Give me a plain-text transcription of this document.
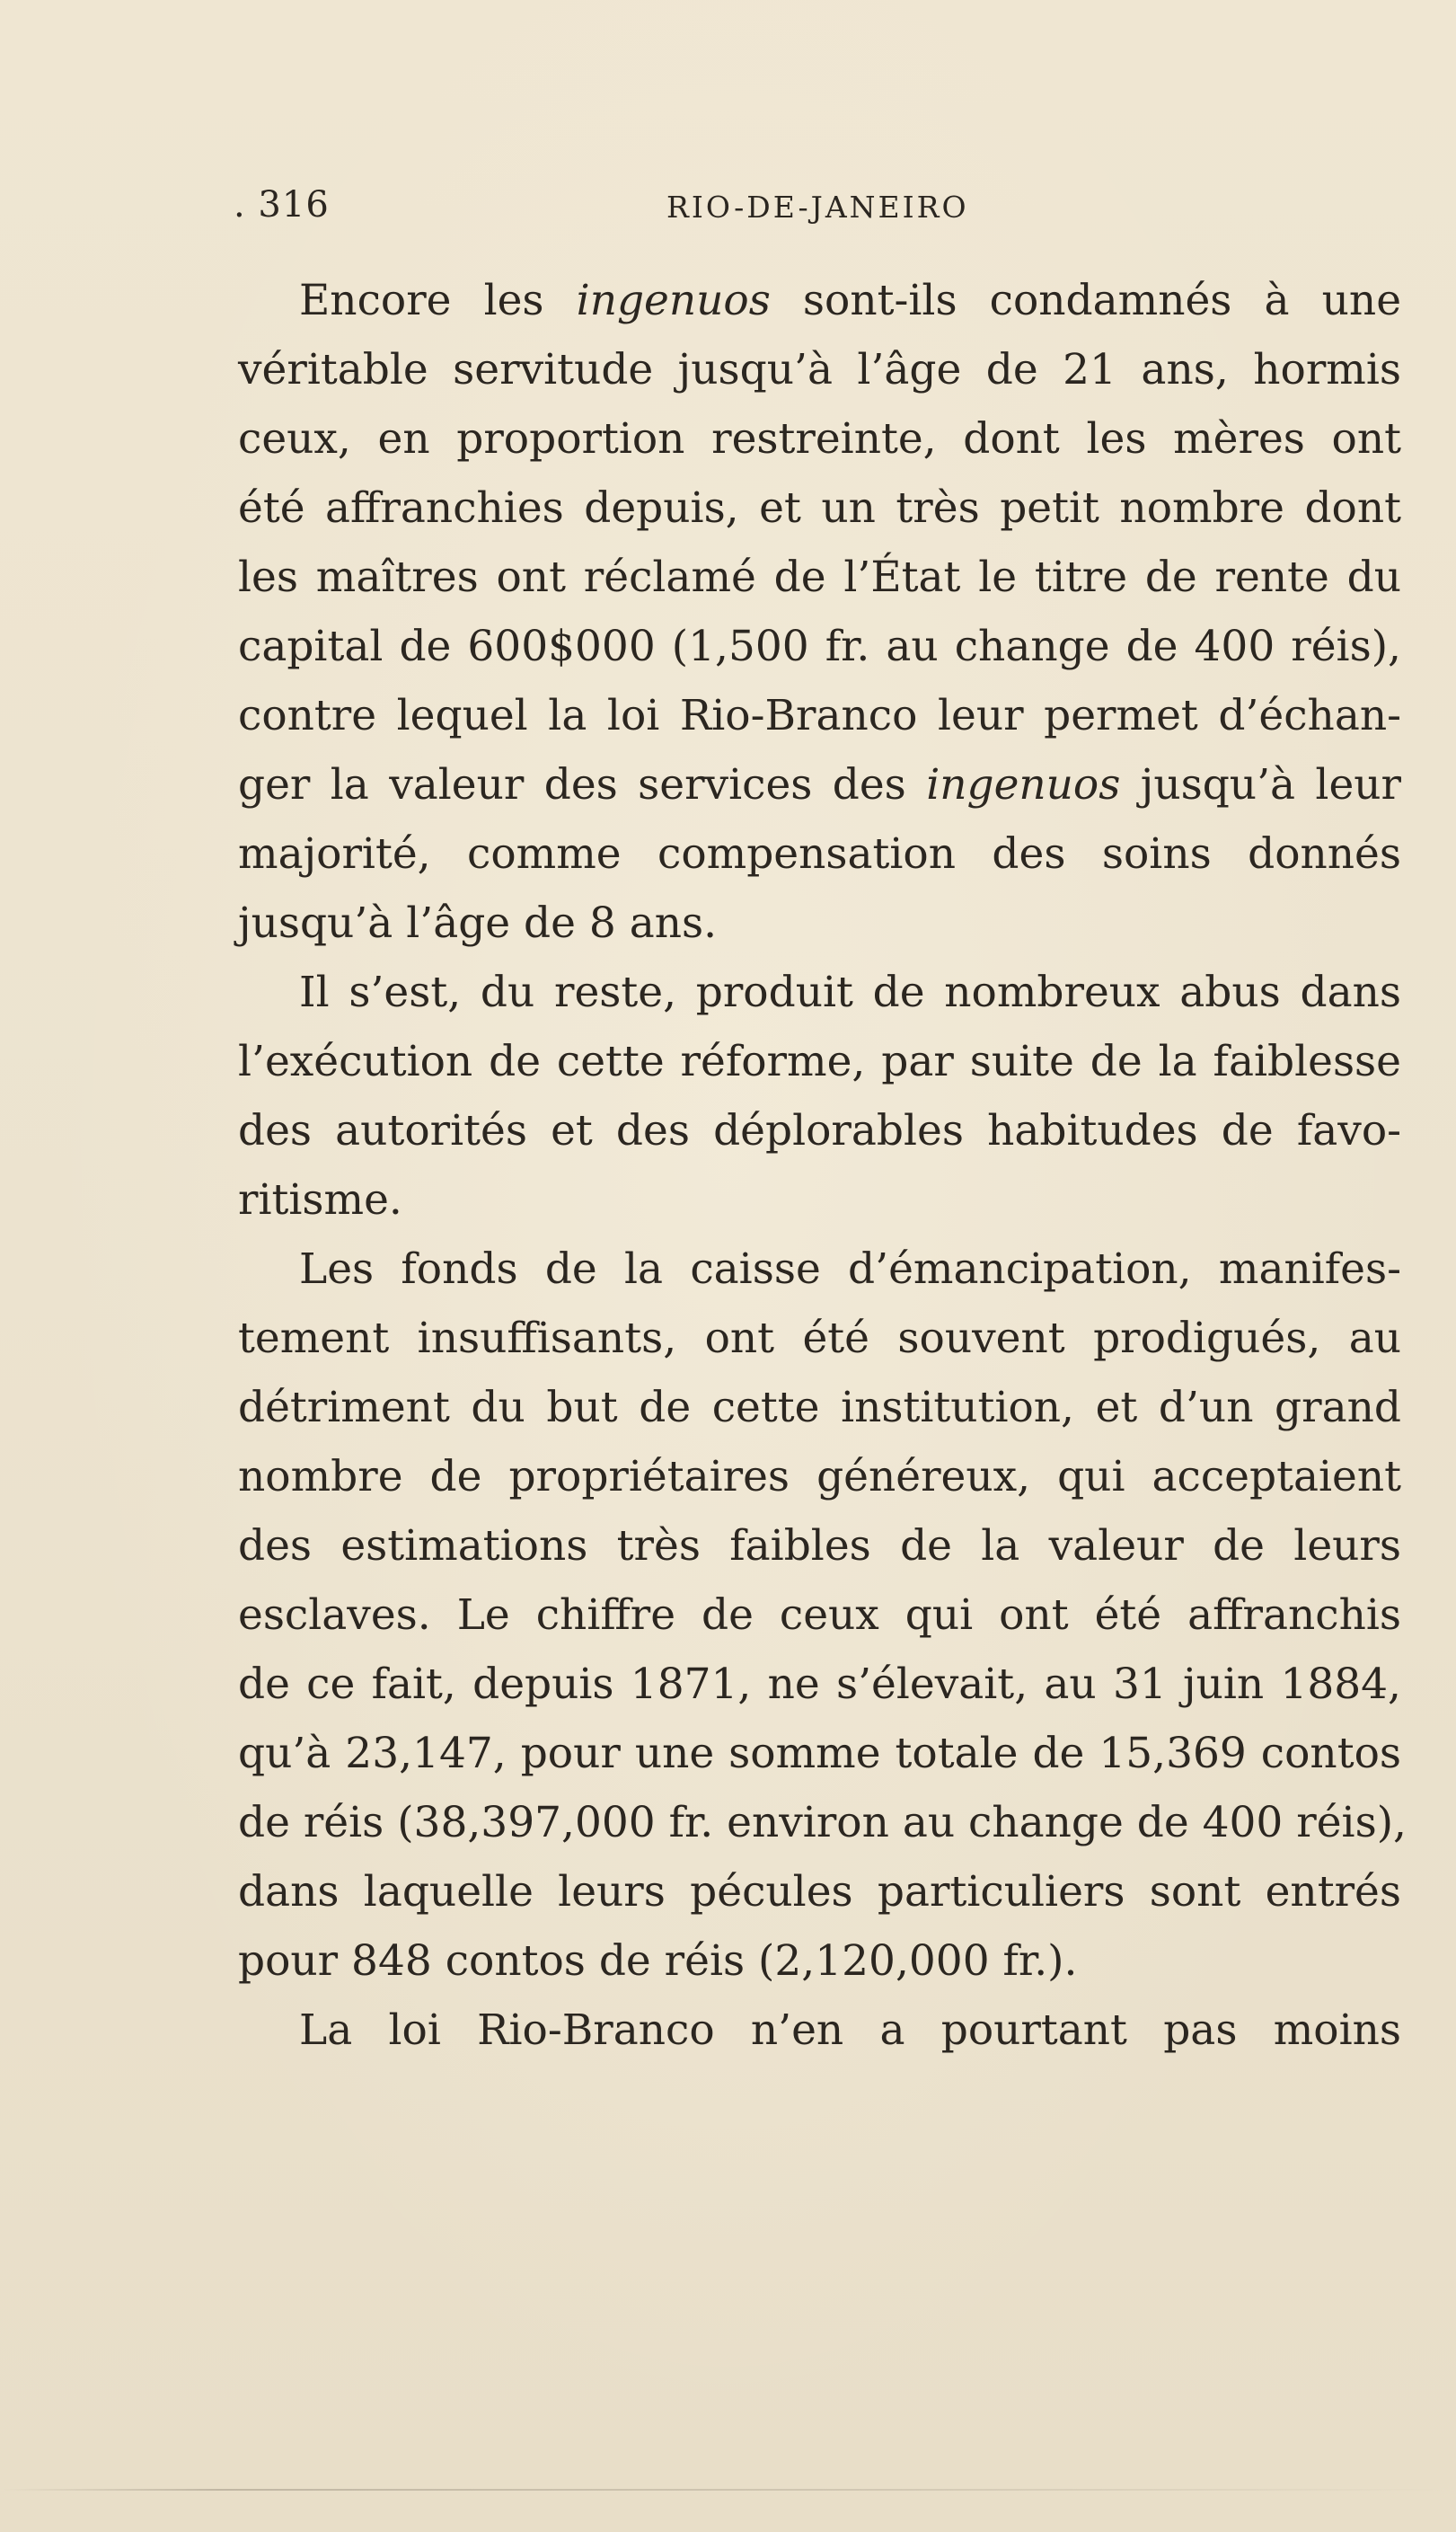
. 316	RIO-DE-JANEIRO
Encore les ingenuos sont-ils condamnés à une
véritable servitude jusqu’à l’âge de 21 ans, hormis
ceux, en proportion restreinte, dont les mères ont
été affranchies depuis, et un très petit nombre dont
les maîtres ont réclamé de l’État le titre de rente du
capital de 600$000 (1,500 fr. au change de 400 réis),
contre lequel la loi Rio-Branco leur permet d’échan-
ger la valeur des services des ingenuos jusqu’à leur
majorité, comme compensation des soins donnés
jusqu’à l’âge de 8 ans.
Il s’est, du reste, produit de nombreux abus dans
l’exécution de cette réforme, par suite de la faiblesse
des autorités et des déplorables habitudes de favo-
ritisme.
Les fonds de la caisse d’émancipation, manifes-
tement insuffisants, ont été souvent prodigués, au
détriment du but de cette institution, et d’un grand
nombre de propriétaires généreux, qui acceptaient
des estimations très faibles de la valeur de leurs
esclaves. Le chiffre de ceux qui ont été affranchis
de ce fait, depuis 1871, ne s’élevait, au 31 juin 1884,
qu’à 23,147, pour une somme totale de 15,369 contos
de réis (38,397,000 fr. environ au change de 400 réis),
dans laquelle leurs pécules particuliers sont entrés
pour 848 contos de réis (2,120,000 fr.).
La loi Rio-Branco n’en a pourtant pas moins
